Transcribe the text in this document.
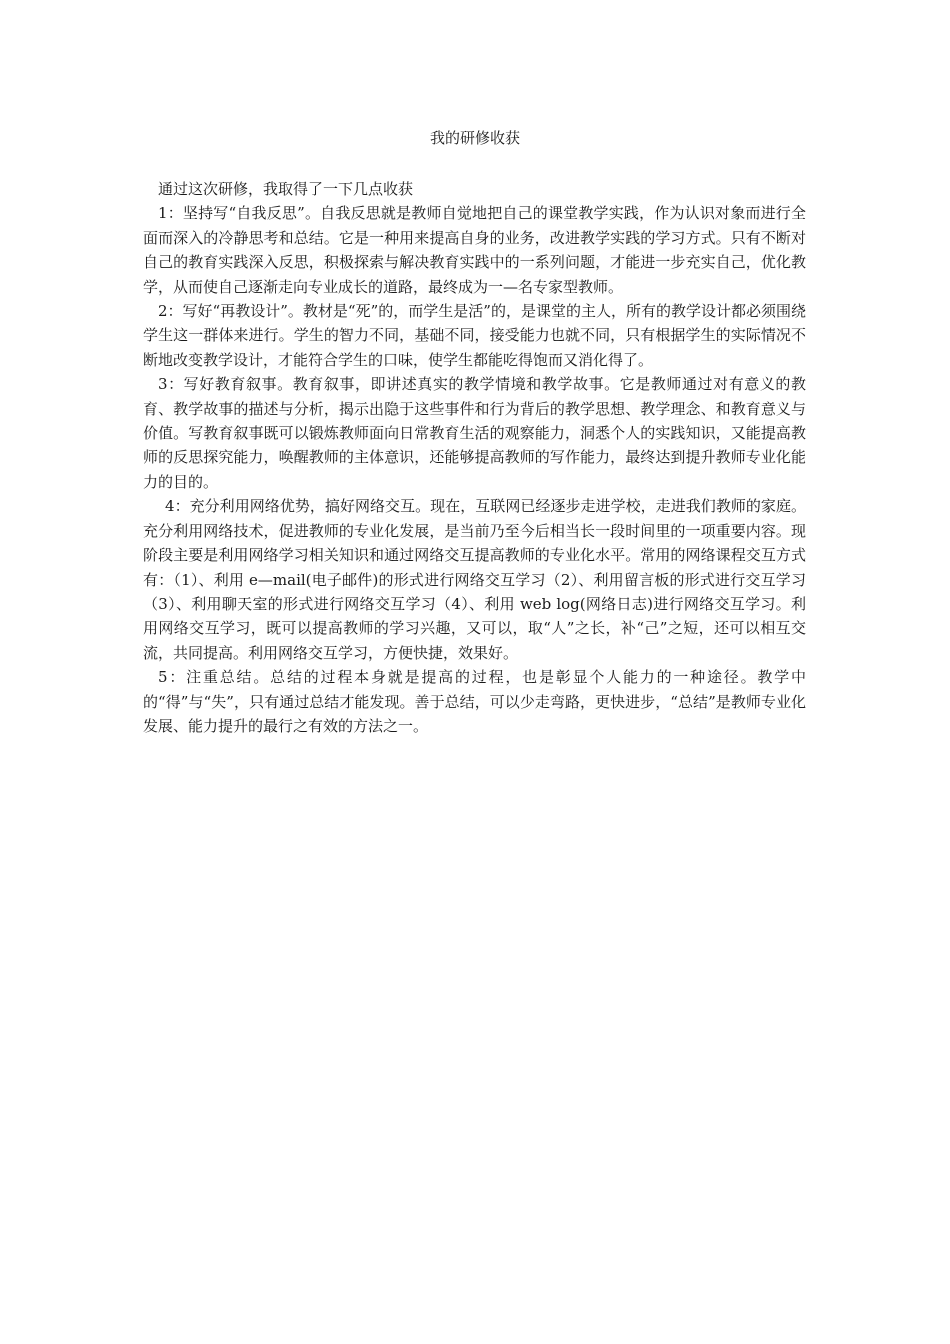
我的研修收获

通过这次研修，我取得了一下几点收获

1：坚持写“自我反思”。自我反思就是教师自觉地把自己的课堂教学实践，作为认识对象而进行全面而深入的冷静思考和总结。它是一种用来提高自身的业务，改进教学实践的学习方式。只有不断对自己的教育实践深入反思，积极探索与解决教育实践中的一系列问题，才能进一步充实自己，优化教学，从而使自己逐渐走向专业成长的道路，最终成为一—名专家型教师。

2：写好“再教设计”。教材是“死”的，而学生是活”的，是课堂的主人，所有的教学设计都必须围绕学生这一群体来进行。学生的智力不同，基础不同，接受能力也就不同，只有根据学生的实际情况不断地改变教学设计，才能符合学生的口味，使学生都能吃得饱而又消化得了。

3：写好教育叙事。教育叙事，即讲述真实的教学情境和教学故事。它是教师通过对有意义的教育、教学故事的描述与分析，揭示出隐于这些事件和行为背后的教学思想、教学理念、和教育意义与价值。写教育叙事既可以锻炼教师面向日常教育生活的观察能力，洞悉个人的实践知识，又能提高教师的反思探究能力，唤醒教师的主体意识，还能够提高教师的写作能力，最终达到提升教师专业化能力的目的。

4：充分利用网络优势，搞好网络交互。现在，互联网已经逐步走进学校，走进我们教师的家庭。充分利用网络技术，促进教师的专业化发展，是当前乃至今后相当长一段时间里的一项重要内容。现阶段主要是利用网络学习相关知识和通过网络交互提高教师的专业化水平。常用的网络课程交互方式有：（1）、利用 e—mail(电子邮件)的形式进行网络交互学习（2）、利用留言板的形式进行交互学习（3）、利用聊天室的形式进行网络交互学习（4）、利用 web log(网络日志)进行网络交互学习。利用网络交互学习，既可以提高教师的学习兴趣，又可以，取“人”之长，补“己”之短，还可以相互交流，共同提高。利用网络交互学习，方便快捷，效果好。

5：注重总结。总结的过程本身就是提高的过程，也是彰显个人能力的一种途径。教学中的“得”与“失”，只有通过总结才能发现。善于总结，可以少走弯路，更快进步，“总结”是教师专业化发展、能力提升的最行之有效的方法之一。
